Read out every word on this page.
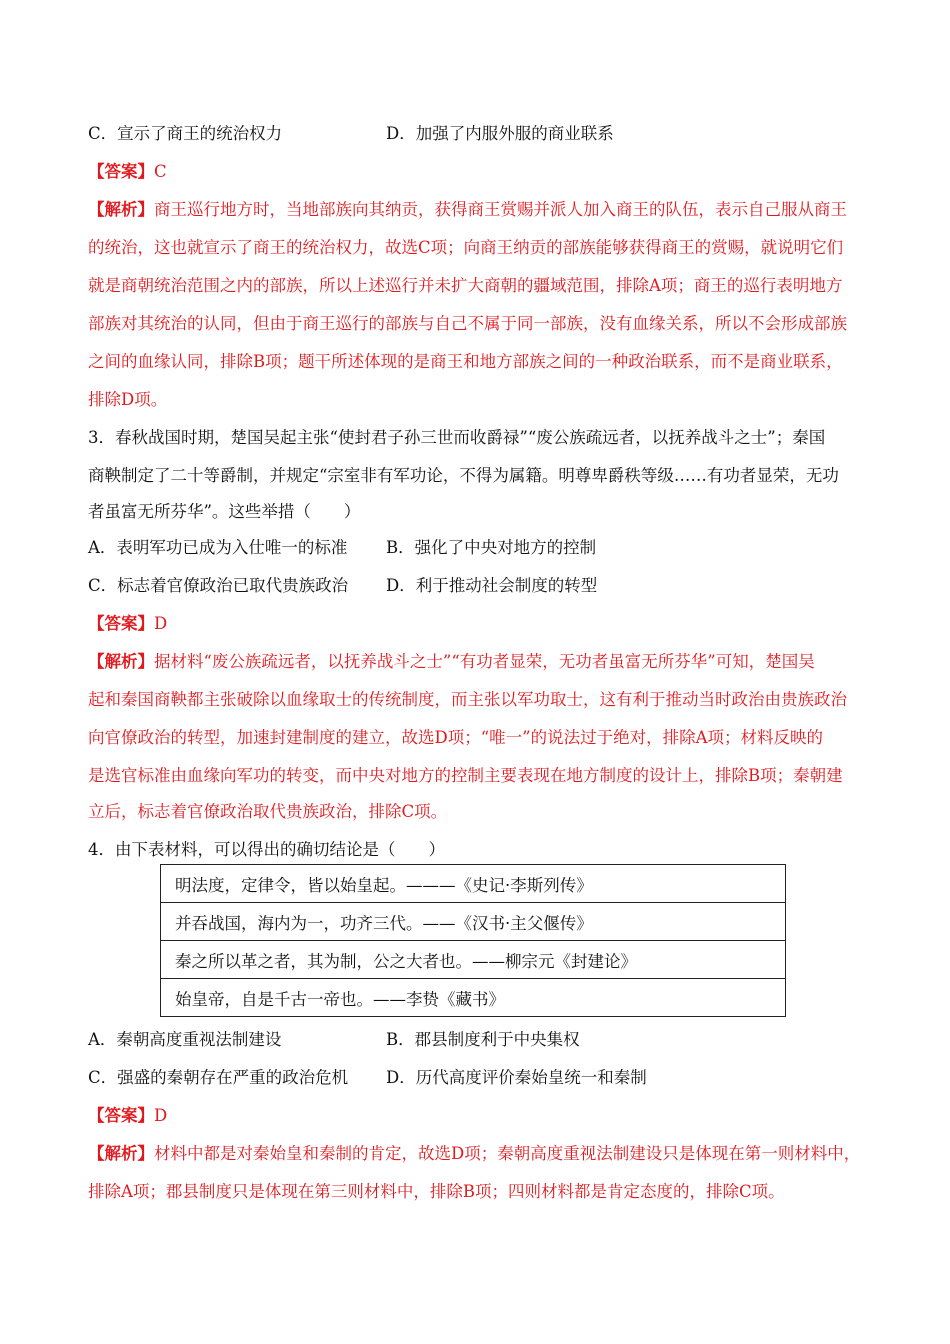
C．宣示了商王的统治权力	D．加强了内服外服的商业联系
【答案】C
【解析】商王巡行地方时，当地部族向其纳贡，获得商王赏赐并派人加入商王的队伍，表示自己服从商王
的统治，这也就宣示了商王的统治权力，故选C项；向商王纳贡的部族能够获得商王的赏赐，就说明它们
就是商朝统治范围之内的部族，所以上述巡行并未扩大商朝的疆域范围，排除A项；商王的巡行表明地方
部族对其统治的认同，但由于商王巡行的部族与自己不属于同一部族，没有血缘关系，所以不会形成部族
之间的血缘认同，排除B项；题干所述体现的是商王和地方部族之间的一种政治联系，而不是商业联系，
排除D项。
3．春秋战国时期，楚国吴起主张“使封君子孙三世而收爵禄”“废公族疏远者，以抚养战斗之士”；秦国
商鞅制定了二十等爵制，并规定“宗室非有军功论，不得为属籍。明尊卑爵秩等级……有功者显荣，无功
者虽富无所芬华”。这些举措（　　）
A．表明军功已成为入仕唯一的标准 B．强化了中央对地方的控制
C．标志着官僚政治已取代贵族政治 D．利于推动社会制度的转型
【答案】D
【解析】据材料“废公族疏远者，以抚养战斗之士”“有功者显荣，无功者虽富无所芬华”可知，楚国吴
起和秦国商鞅都主张破除以血缘取士的传统制度，而主张以军功取士，这有利于推动当时政治由贵族政治
向官僚政治的转型，加速封建制度的建立，故选D项；“唯一”的说法过于绝对，排除A项；材料反映的
是选官标准由血缘向军功的转变，而中央对地方的控制主要表现在地方制度的设计上，排除B项；秦朝建
立后，标志着官僚政治取代贵族政治，排除C项。
4．由下表材料，可以得出的确切结论是（　　）
明法度，定律令，皆以始皇起。———《史记·李斯列传》
并吞战国，海内为一，功齐三代。——《汉书·主父偃传》
秦之所以革之者，其为制，公之大者也。——柳宗元《封建论》
始皇帝，自是千古一帝也。——李贽《藏书》
A．秦朝高度重视法制建设	B．郡县制度利于中央集权
C．强盛的秦朝存在严重的政治危机 D．历代高度评价秦始皇统一和秦制
【答案】D
【解析】材料中都是对秦始皇和秦制的肯定，故选D项；秦朝高度重视法制建设只是体现在第一则材料中，
排除A项；郡县制度只是体现在第三则材料中，排除B项；四则材料都是肯定态度的，排除C项。
